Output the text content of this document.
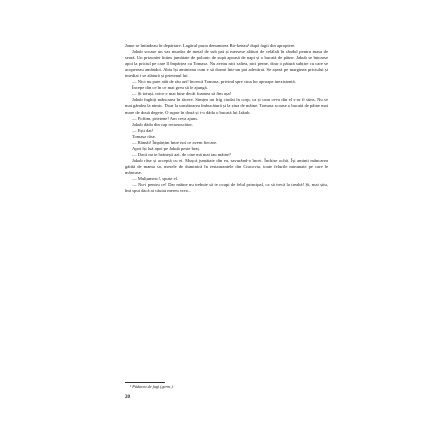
Jame se întindeau în depărtare. Lagărul purta denumirea Bir-kenau¹ după fagii din apropiere.

Jakub scoase un vas murdar de metal de sub pat și mersese alături de celălalt în rândul pentru masa de seară. Un prizonier întins jumătate de polonic de supă apoasă de napi și o bucată de pâine. Jakub se întoarse apoi la priciul pe care îl împărțea cu Tomasz. Nu aveau nici saltea, nici perne, doar o pătură subțire cu care se acopereau amândoi. Abia își aminteau cum e să dormi într-un pat adevărat. Se așeză pe marginea priciului și imediat i se alătură și prietenul lui.

— Nici nu pare atât de rău azi! încercă Tomasz, privind spre cina lor aproape inexistentă.

Începe din ce în ce mai greu să le ajungă.

— Și totuși, orice e mai bine decât foamea să fim așa!

Jakub înghiți mâncarea în tăcere. Simțea un frig ciudat în corp, ca și cum ceva din el s-ar fi stins. Nu se mai gândea la nimic. Doar la următoarea îmbucătură și la ziua de mâine. Tomasz scoase o bucată de pâine mai mare de două degete. O rupse în două și i-o dădu o bucată lui Jakub.

— Poftim, prietene! Am ceva ajuns.

Jakub dădu din cap recunoscător.

— Ești dat!

Tomasz râse.

— Rămâi! Împărțim între noi ce avem fiecare.

Apoi își luă apoi pe Jakub peste braț.

— Dacă nu te hrănești azi, de cine mă mai iau mâine?

Jakub râse și acceptă cu ei. Mușcă jumătate din ea, savurând-o încet. Închise ochii. Își aminti mâncarea gătită de mama sa, mesele de duminică în restaurantele din Cracovia, toate felurile minunate pe care le mâncase.

— Mulțumesc!, spuse el.

— Nu-i pentru ce! Dar mâine nu trebuie să te ocupi de felul principal, ca să trecă la treabă! Și, mai știu, îmi spui dacă ai căutat mereu vreo...

¹ Pădurea de fagi (germ.).
20
